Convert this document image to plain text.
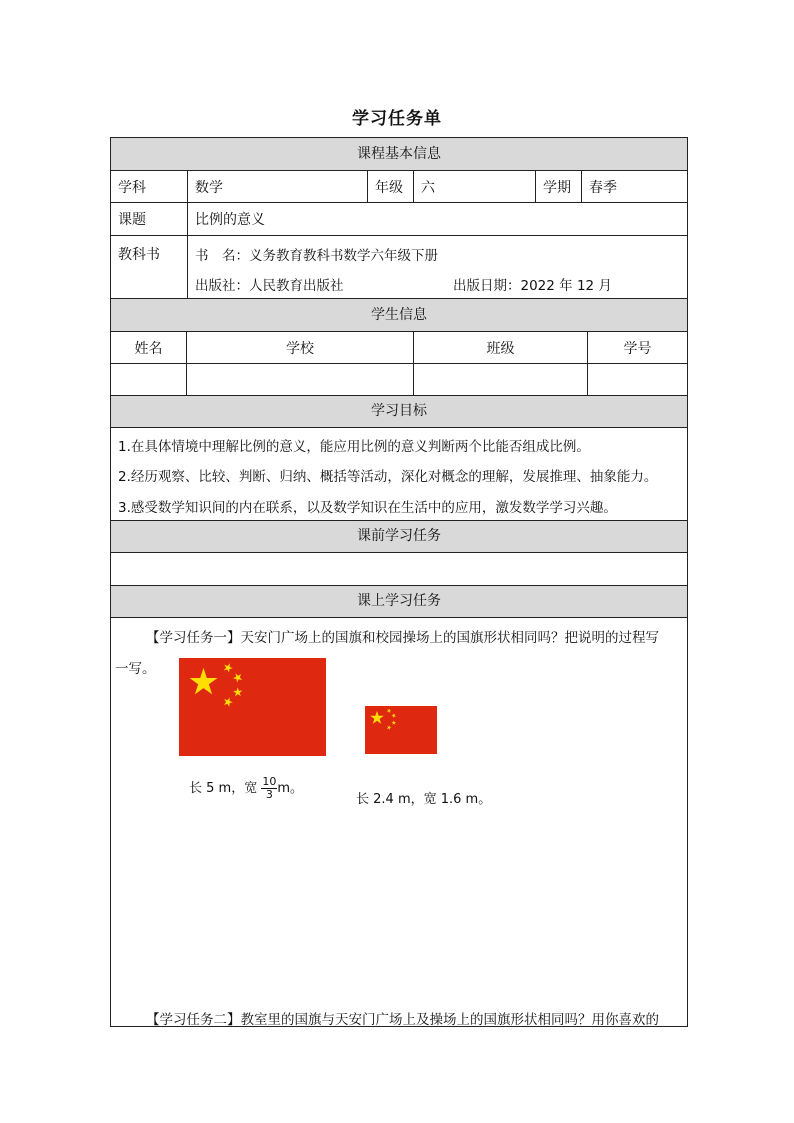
学习任务单
课程基本信息
学科	数学	年级	六	学期	春季
课题	比例的意义
教科书	书　名：义务教育教科书数学六年级下册
出版社：人民教育出版社	出版日期：2022 年 12 月
学生信息
姓名	学校	班级	学号
学习目标
1.在具体情境中理解比例的意义，能应用比例的意义判断两个比能否组成比例。
2.经历观察、比较、判断、归纳、概括等活动，深化对概念的理解，发展推理、抽象能力。
3.感受数学知识间的内在联系，以及数学知识在生活中的应用，激发数学学习兴趣。
课前学习任务
课上学习任务
【学习任务一】天安门广场上的国旗和校园操场上的国旗形状相同吗？把说明的过程写
一写。
长 5 m，宽 $\frac{10}{3}$ m。
长 2.4 m，宽 1.6 m。
【学习任务二】教室里的国旗与天安门广场上及操场上的国旗形状相同吗？用你喜欢的
